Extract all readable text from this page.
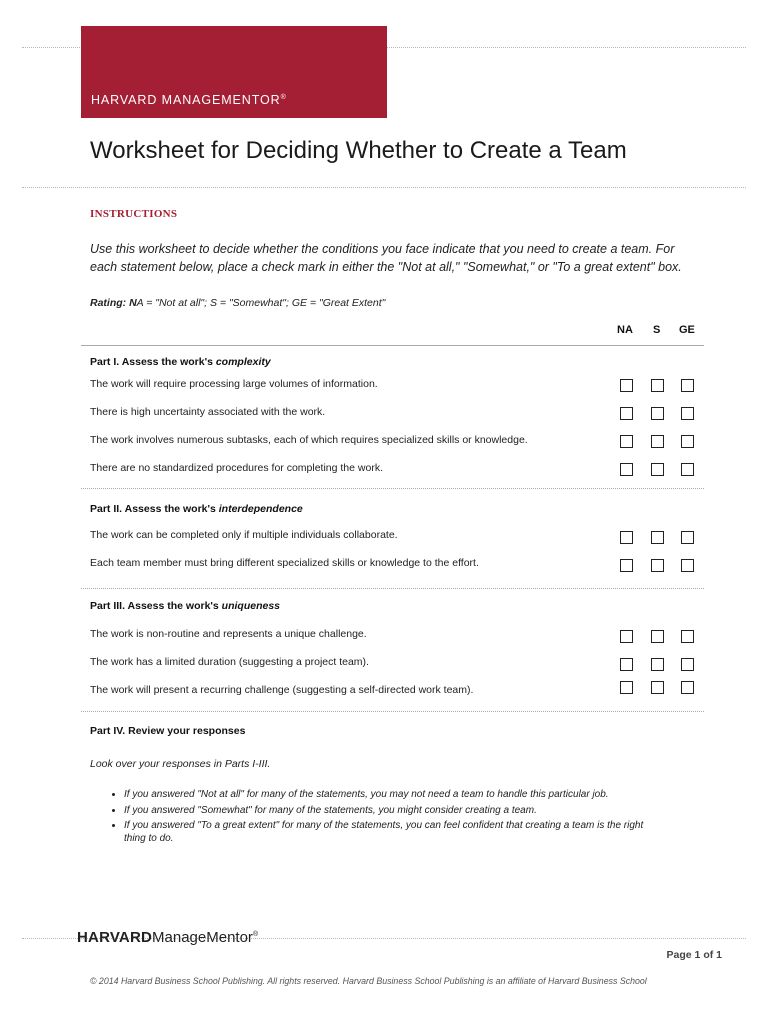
HARVARD MANAGEMENTOR®
Worksheet for Deciding Whether to Create a Team
INSTRUCTIONS
Use this worksheet to decide whether the conditions you face indicate that you need to create a team. For each statement below, place a check mark in either the "Not at all," "Somewhat," or "To a great extent" box.
Rating: NA = "Not at all"; S = "Somewhat"; GE = "Great Extent"
NA S GE
Part I. Assess the work's complexity
The work will require processing large volumes of information.
There is high uncertainty associated with the work.
The work involves numerous subtasks, each of which requires specialized skills or knowledge.
There are no standardized procedures for completing the work.
Part II. Assess the work's interdependence
The work can be completed only if multiple individuals collaborate.
Each team member must bring different specialized skills or knowledge to the effort.
Part III. Assess the work's uniqueness
The work is non-routine and represents a unique challenge.
The work has a limited duration (suggesting a project team).
The work will present a recurring challenge (suggesting a self-directed work team).
Part IV. Review your responses
Look over your responses in Parts I-III.
• If you answered "Not at all" for many of the statements, you may not need a team to handle this particular job.
• If you answered "Somewhat" for many of the statements, you might consider creating a team.
• If you answered "To a great extent" for many of the statements, you can feel confident that creating a team is the right thing to do.
HARVARDManageMentor®
Page 1 of 1
© 2014 Harvard Business School Publishing. All rights reserved. Harvard Business School Publishing is an affiliate of Harvard Business School
